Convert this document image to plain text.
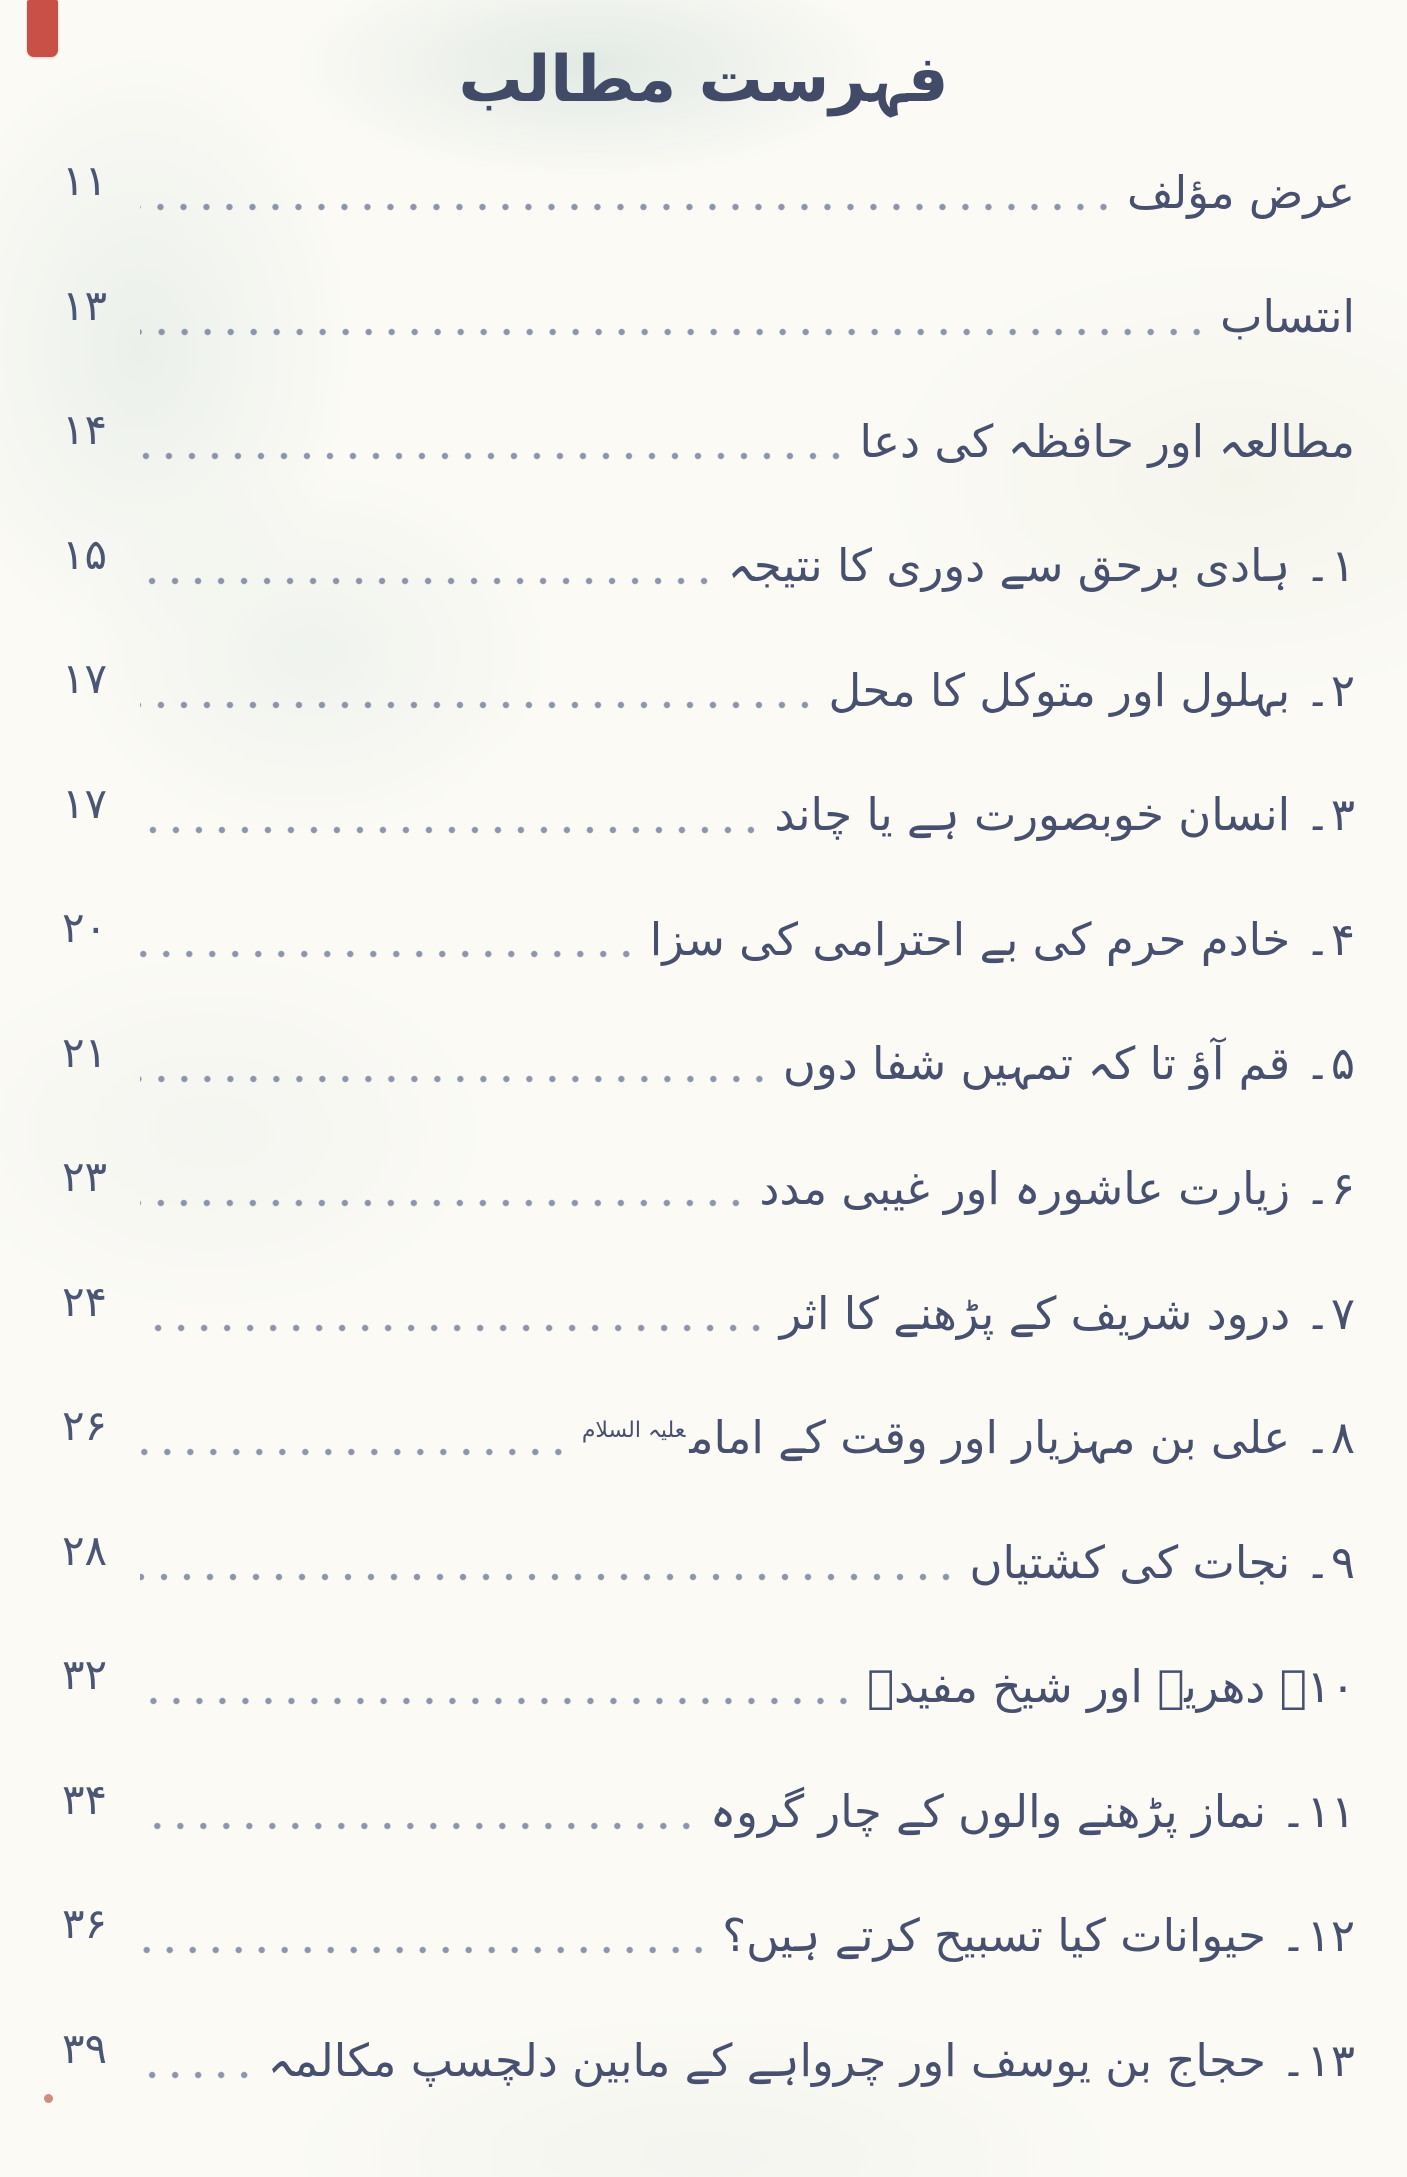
فہرست مطالب
عرض مؤلف
۱۱
انتساب
۱۳
مطالعہ اور حافظہ کی دعا
۱۴
۱۔ ہادی برحق سے دوری کا نتیجہ
۱۵
۲۔ بہلول اور متوکل کا محل
۱۷
۳۔ انسان خوبصورت ہے یا چاند
۱۷
۴۔ خادم حرم کی بے احترامی کی سزا
۲۰
۵۔ قم آؤ تا کہ تمہیں شفا دوں
۲۱
۶۔ زیارت عاشورہ اور غیبی مدد
۲۳
۷۔ درود شریف کے پڑھنے کا اثر
۲۴
۸۔ علی بن مہزیار اور وقت کے امام$^{علیہ السلام}$
۲۶
۹۔ نجات کی کشتیاں
۲۸
۱۰۔ دھریہ اور شیخ مفیدؒ
۳۲
۱۱۔ نماز پڑھنے والوں کے چار گروہ
۳۴
۱۲۔ حیوانات کیا تسبیح کرتے ہیں؟
۳۶
۱۳۔ حجاج بن یوسف اور چرواہے کے مابین دلچسپ مکالمہ
۳۹
